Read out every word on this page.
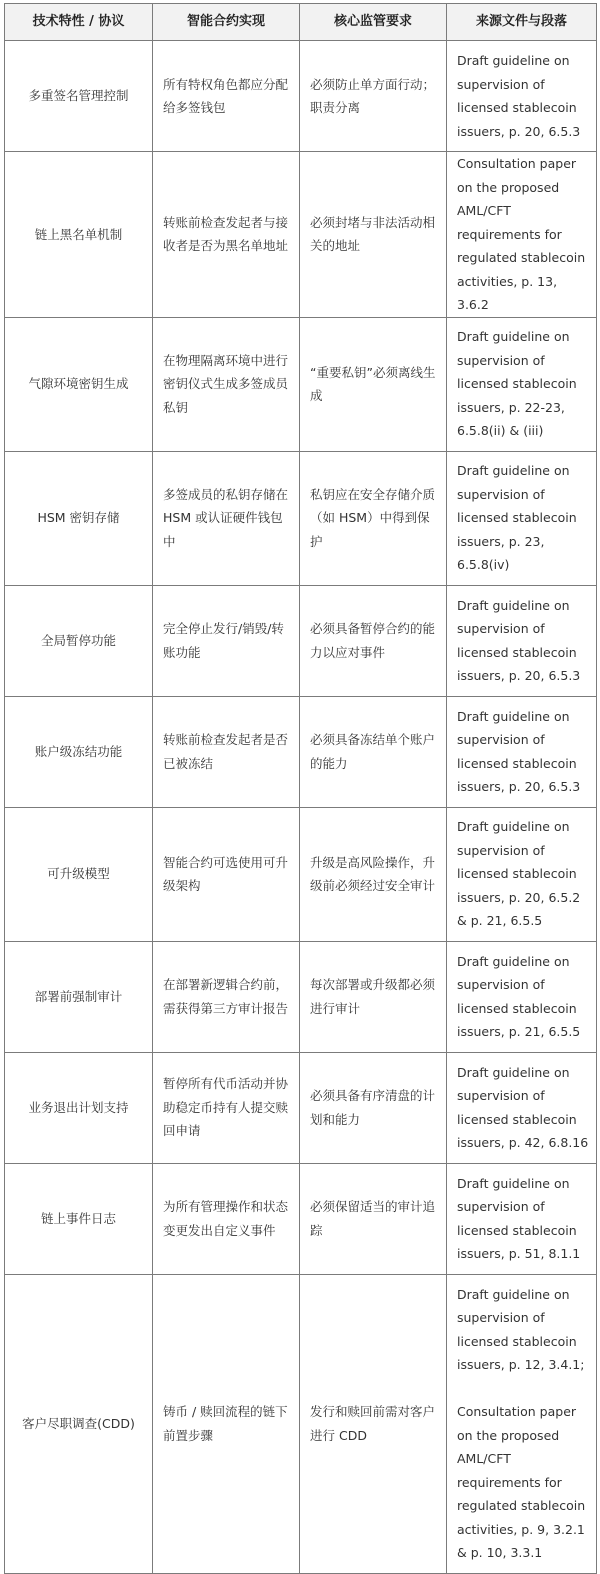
技术特性 / 协议	智能合约实现	核心监管要求	来源文件与段落
多重签名管理控制	所有特权角色都应分配给多签钱包	必须防止单方面行动；职责分离	Draft guideline on supervision of licensed stablecoin issuers, p. 20, 6.5.3

链上黑名单机制	转账前检查发起者与接收者是否为黑名单地址	必须封堵与非法活动相关的地址	Consultation paper on the proposed AML/CFT requirements for regulated stablecoin activities, p. 13, 3.6.2

气隙环境密钥生成	在物理隔离环境中进行密钥仪式生成多签成员私钥	“重要私钥”必须离线生成	Draft guideline on supervision of licensed stablecoin issuers, p. 22-23, 6.5.8(ii) & (iii)

HSM 密钥存储	多签成员的私钥存储在 HSM 或认证硬件钱包中	私钥应在安全存储介质（如 HSM）中得到保护	Draft guideline on supervision of licensed stablecoin issuers, p. 23, 6.5.8(iv)

全局暂停功能	完全停止发行/销毁/转账功能	必须具备暂停合约的能力以应对事件	Draft guideline on supervision of licensed stablecoin issuers, p. 20, 6.5.3

账户级冻结功能	转账前检查发起者是否已被冻结	必须具备冻结单个账户的能力	Draft guideline on supervision of licensed stablecoin issuers, p. 20, 6.5.3

可升级模型	智能合约可选使用可升级架构	升级是高风险操作，升级前必须经过安全审计	Draft guideline on supervision of licensed stablecoin issuers, p. 20, 6.5.2 & p. 21, 6.5.5

部署前强制审计	在部署新逻辑合约前，需获得第三方审计报告	每次部署或升级都必须进行审计	Draft guideline on supervision of licensed stablecoin issuers, p. 21, 6.5.5

业务退出计划支持	暂停所有代币活动并协助稳定币持有人提交赎回申请	必须具备有序清盘的计划和能力	Draft guideline on supervision of licensed stablecoin issuers, p. 42, 6.8.16

链上事件日志	为所有管理操作和状态变更发出自定义事件	必须保留适当的审计追踪	Draft guideline on supervision of licensed stablecoin issuers, p. 51, 8.1.1

客户尽职调查(CDD)	铸币 / 赎回流程的链下前置步骤	发行和赎回前需对客户进行 CDD	Draft guideline on supervision of licensed stablecoin issuers, p. 12, 3.4.1;
Consultation paper on the proposed AML/CFT requirements for regulated stablecoin activities, p. 9, 3.2.1 & p. 10, 3.3.1
